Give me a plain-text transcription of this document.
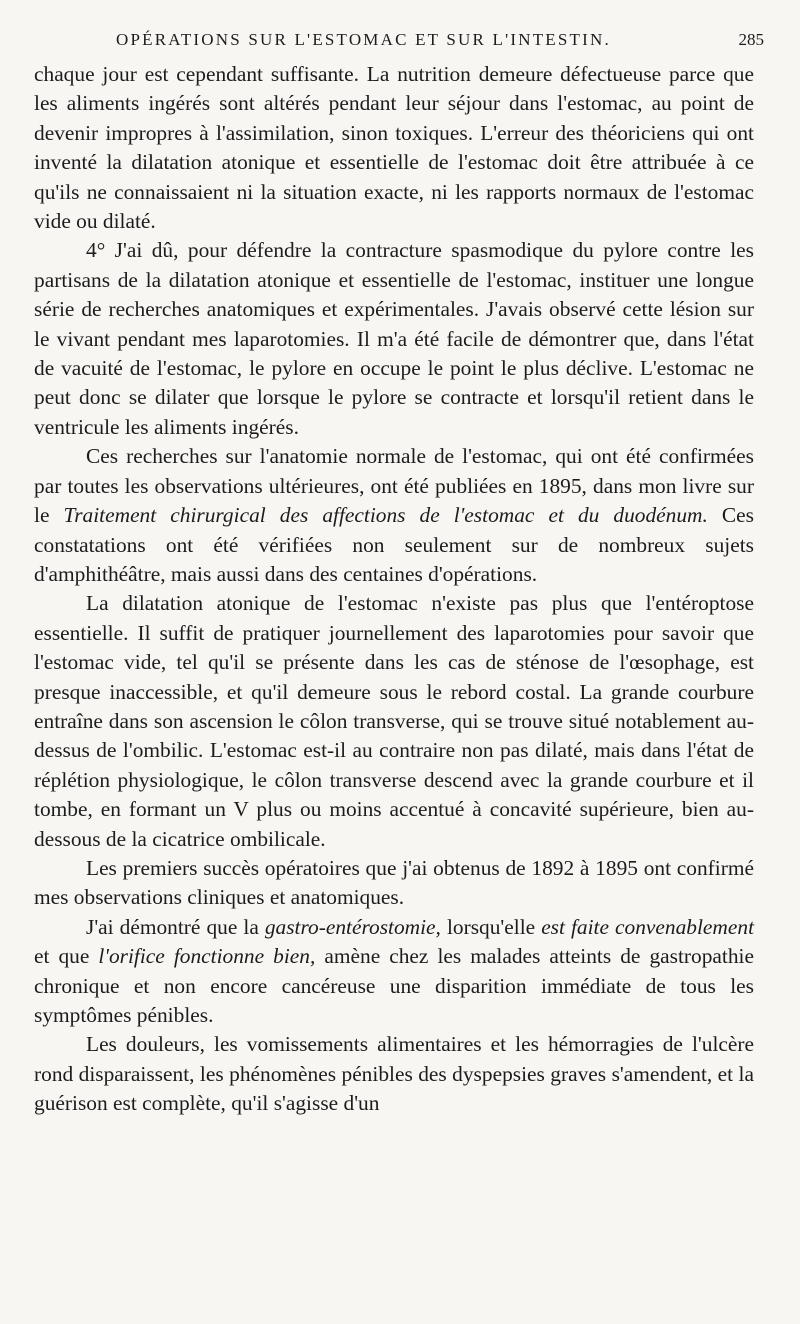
OPÉRATIONS SUR L'ESTOMAC ET SUR L'INTESTIN.	285

chaque jour est cependant suffisante. La nutrition demeure défectueuse parce que les aliments ingérés sont altérés pendant leur séjour dans l'estomac, au point de devenir impropres à l'assimilation, sinon toxiques. L'erreur des théoriciens qui ont inventé la dilatation atonique et essentielle de l'estomac doit être attribuée à ce qu'ils ne connaissaient ni la situation exacte, ni les rapports normaux de l'estomac vide ou dilaté.

4° J'ai dû, pour défendre la contracture spasmodique du pylore contre les partisans de la dilatation atonique et essentielle de l'estomac, instituer une longue série de recherches anatomiques et expérimentales. J'avais observé cette lésion sur le vivant pendant mes laparotomies. Il m'a été facile de démontrer que, dans l'état de vacuité de l'estomac, le pylore en occupe le point le plus déclive. L'estomac ne peut donc se dilater que lorsque le pylore se contracte et lorsqu'il retient dans le ventricule les aliments ingérés.

Ces recherches sur l'anatomie normale de l'estomac, qui ont été confirmées par toutes les observations ultérieures, ont été publiées en 1895, dans mon livre sur le Traitement chirurgical des affections de l'estomac et du duodénum. Ces constatations ont été vérifiées non seulement sur de nombreux sujets d'amphithéâtre, mais aussi dans des centaines d'opérations.

La dilatation atonique de l'estomac n'existe pas plus que l'entéroptose essentielle. Il suffit de pratiquer journellement des laparotomies pour savoir que l'estomac vide, tel qu'il se présente dans les cas de sténose de l'œsophage, est presque inaccessible, et qu'il demeure sous le rebord costal. La grande courbure entraîne dans son ascension le côlon transverse, qui se trouve situé notablement au-dessus de l'ombilic. L'estomac est-il au contraire non pas dilaté, mais dans l'état de réplétion physiologique, le côlon transverse descend avec la grande courbure et il tombe, en formant un V plus ou moins accentué à concavité supérieure, bien au-dessous de la cicatrice ombilicale.

Les premiers succès opératoires que j'ai obtenus de 1892 à 1895 ont confirmé mes observations cliniques et anatomiques.

J'ai démontré que la gastro-entérostomie, lorsqu'elle est faite convenablement et que l'orifice fonctionne bien, amène chez les malades atteints de gastropathie chronique et non encore cancéreuse une disparition immédiate de tous les symptômes pénibles.

Les douleurs, les vomissements alimentaires et les hémorragies de l'ulcère rond disparaissent, les phénomènes pénibles des dyspepsies graves s'amendent, et la guérison est complète, qu'il s'agisse d'un
